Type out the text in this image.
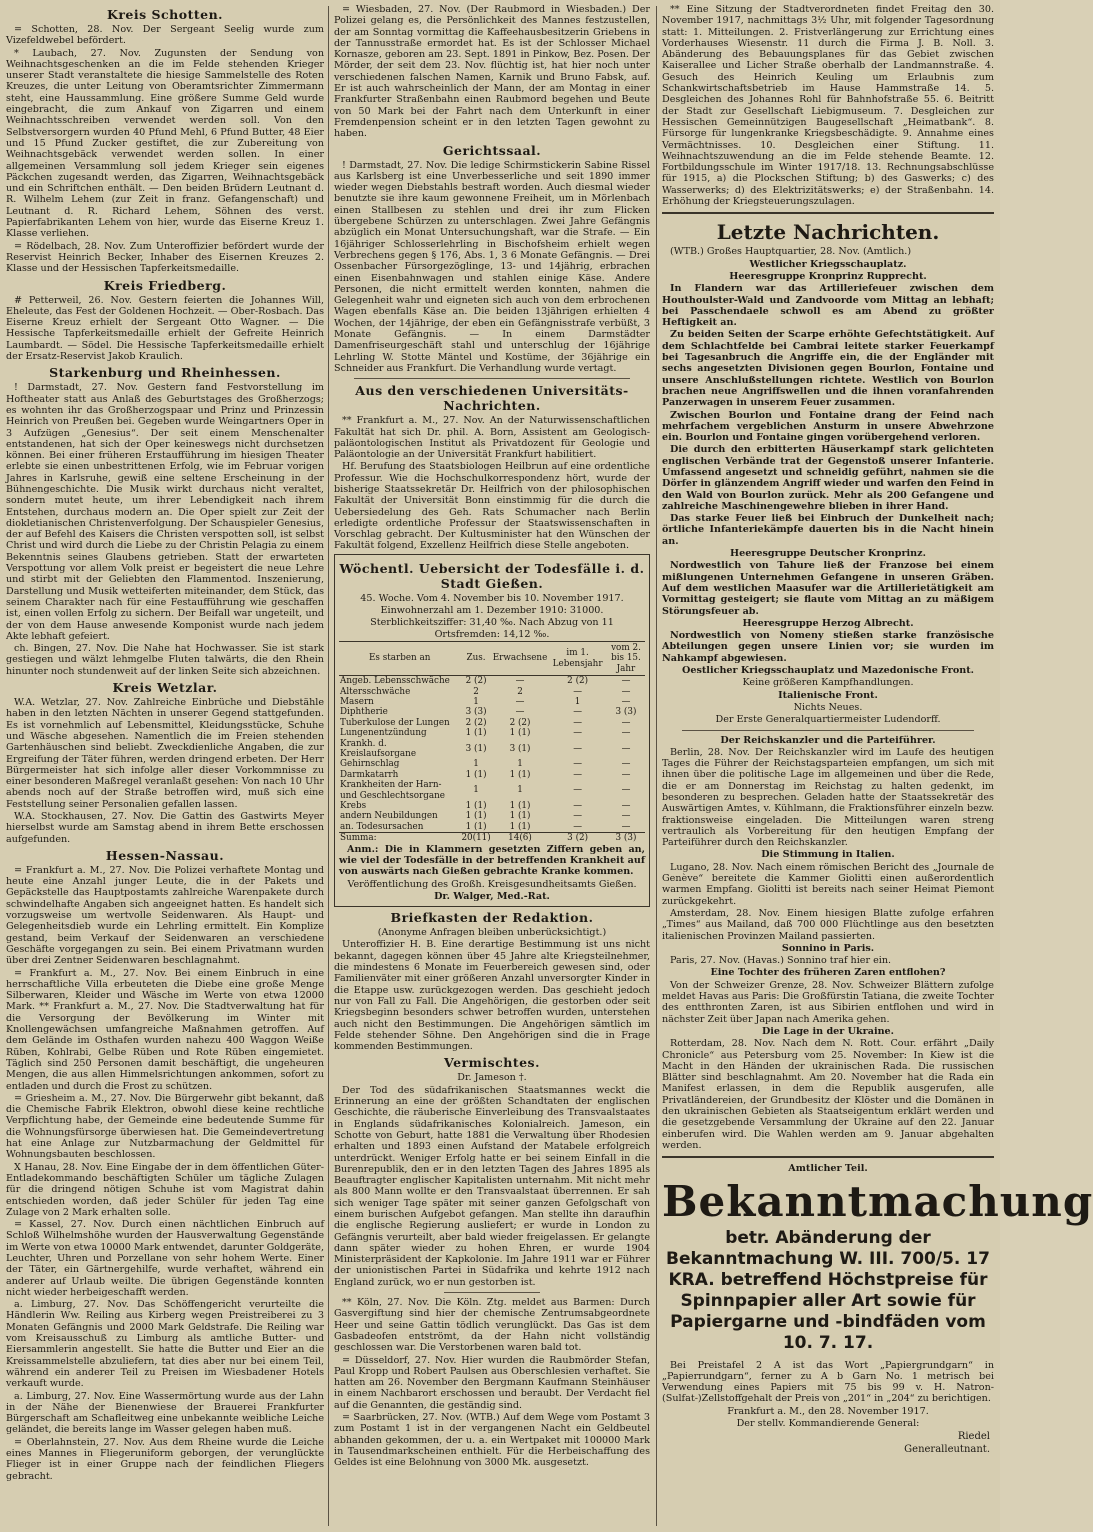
Kreis Schotten.

= Schotten, 28. Nov. Der Sergeant Seelig wurde zum Vizefeldwebel befördert.

* Laubach, 27. Nov. Zugunsten der Sendung von Weihnachtsgeschenken an die im Felde stehenden Krieger unserer Stadt veranstaltete die hiesige Sammelstelle des Roten Kreuzes, die unter Leitung von Oberamtsrichter Zimmermann steht, eine Haussammlung. Eine größere Summe Geld wurde eingebracht, die zum Ankauf von Zigarren und einem Weihnachtsschreiben verwendet werden soll. Von den Selbstversorgern wurden 40 Pfund Mehl, 6 Pfund Butter, 48 Eier und 15 Pfund Zucker gestiftet, die zur Zubereitung von Weihnachtsgebäck verwendet werden sollen. In einer allgemeinen Versammlung soll jedem Krieger sein eigenes Päckchen zugesandt werden, das Zigarren, Weihnachtsgebäck und ein Schriftchen enthält. — Den beiden Brüdern Leutnant d. R. Wilhelm Lehem (zur Zeit in franz. Gefangenschaft) und Leutnant d. R. Richard Lehem, Söhnen des verst. Papierfabrikanten Lehem von hier, wurde das Eiserne Kreuz 1. Klasse verliehen.

= Rödelbach, 28. Nov. Zum Unteroffizier befördert wurde der Reservist Heinrich Becker, Inhaber des Eisernen Kreuzes 2. Klasse und der Hessischen Tapferkeitsmedaille.

Kreis Friedberg.

# Petterweil, 26. Nov. Gestern feierten die Johannes Will, Eheleute, das Fest der Goldenen Hochzeit. — Ober-Rosbach. Das Eiserne Kreuz erhielt der Sergeant Otto Wagner. — Die Hessische Tapferkeitsmedaille erhielt der Gefreite Heinrich Laumbardt. — Södel. Die Hessische Tapferkeitsmedaille erhielt der Ersatz-Reservist Jakob Kraulich.

Starkenburg und Rheinhessen.

! Darmstadt, 27. Nov. Gestern fand Festvorstellung im Hoftheater statt aus Anlaß des Geburtstages des Großherzogs; es wohnten ihr das Großherzogspaar und Prinz und Prinzessin Heinrich von Preußen bei. Gegeben wurde Weingartners Oper in 3 Aufzügen „Genesius“. Der seit einem Menschenalter entstandenen, hat sich der Oper keineswegs nicht durchsetzen können. Bei einer früheren Erstaufführung im hiesigen Theater erlebte sie einen unbestrittenen Erfolg, wie im Februar vorigen Jahres in Karlsruhe, gewiß eine seltene Erscheinung in der Bühnengeschichte. Die Musik wirkt durchaus nicht veraltet, sondern mutet heute, um ihrer Lebendigkeit nach ihrem Entstehen, durchaus modern an. Die Oper spielt zur Zeit der diokletianischen Christenverfolgung. Der Schauspieler Genesius, der auf Befehl des Kaisers die Christen verspotten soll, ist selbst Christ und wird durch die Liebe zu der Christin Pelagia zu einem Bekenntnis seines Glaubens getrieben. Statt der erwarteten Verspottung vor allem Volk preist er begeistert die neue Lehre und stirbt mit der Geliebten den Flammentod. Inszenierung, Darstellung und Musik wetteiferten miteinander, dem Stück, das seinem Charakter nach für eine Festaufführung wie geschaffen ist, einen vollen Erfolg zu sichern. Der Beifall war ungeteilt, und der von dem Hause anwesende Komponist wurde nach jedem Akte lebhaft gefeiert.

ch. Bingen, 27. Nov. Die Nahe hat Hochwasser. Sie ist stark gestiegen und wälzt lehmgelbe Fluten talwärts, die den Rhein hinunter noch stundenweit auf der linken Seite sich abzeichnen.

Kreis Wetzlar.

W.A. Wetzlar, 27. Nov. Zahlreiche Einbrüche und Diebstähle haben in den letzten Nächten in unserer Gegend stattgefunden. Es ist vornehmlich auf Lebensmittel, Kleidungsstücke, Schuhe und Wäsche abgesehen. Namentlich die im Freien stehenden Gartenhäuschen sind beliebt. Zweckdienliche Angaben, die zur Ergreifung der Täter führen, werden dringend erbeten. Der Herr Bürgermeister hat sich infolge aller dieser Vorkommnisse zu einer besonderen Maßregel veranlaßt gesehen: Von nach 10 Uhr abends noch auf der Straße betroffen wird, muß sich eine Feststellung seiner Personalien gefallen lassen.

W.A. Stockhausen, 27. Nov. Die Gattin des Gastwirts Meyer hierselbst wurde am Samstag abend in ihrem Bette erschossen aufgefunden.

Hessen-Nassau.

= Frankfurt a. M., 27. Nov. Die Polizei verhaftete Montag und heute eine Anzahl junger Leute, die in der Pakets und Gepäckstelle das Hauptpostamts zahlreiche Warenpakete durch schwindelhafte Angaben sich angeeignet hatten. Es handelt sich vorzugsweise um wertvolle Seidenwaren. Als Haupt- und Gelegenheitsdieb wurde ein Lehrling ermittelt. Ein Komplize gestand, beim Verkauf der Seidenwaren an verschiedene Geschäfte vorgegangen zu sein. Bei einem Privatmann wurden über drei Zentner Seidenwaren beschlagnahmt.

= Frankfurt a. M., 27. Nov. Bei einem Einbruch in eine herrschaftliche Villa erbeuteten die Diebe eine große Menge Silberwaren, Kleider und Wäsche im Werte von etwa 12000 Mark. ** Frankfurt a. M., 27. Nov. Die Stadtverwaltung hat für die Versorgung der Bevölkerung im Winter mit Knollengewächsen umfangreiche Maßnahmen getroffen. Auf dem Gelände im Osthafen wurden nahezu 400 Waggon Weiße Rüben, Kohlrabi, Gelbe Rüben und Rote Rüben eingemietet. Täglich sind 250 Personen damit beschäftigt, die ungeheuren Mengen, die aus allen Himmelsrichtungen ankommen, sofort zu entladen und durch die Frost zu schützen.

= Griesheim a. M., 27. Nov. Die Bürgerwehr gibt bekannt, daß die Chemische Fabrik Elektron, obwohl diese keine rechtliche Verpflichtung habe, der Gemeinde eine bedeutende Summe für die Wohnungsfürsorge überwiesen hat. Die Gemeindevertretung hat eine Anlage zur Nutzbarmachung der Geldmittel für Wohnungsbauten beschlossen.

X Hanau, 28. Nov. Eine Eingabe der in dem öffentlichen Güter-Entladekommando beschäftigten Schüler um tägliche Zulagen für die dringend nötigen Schuhe ist vom Magistrat dahin entschieden worden, daß jeder Schüler für jeden Tag eine Zulage von 2 Mark erhalten solle.

= Kassel, 27. Nov. Durch einen nächtlichen Einbruch auf Schloß Wilhelmshöhe wurden der Hausverwaltung Gegenstände im Werte von etwa 10000 Mark entwendet, darunter Goldgeräte, Leuchter, Uhren und Porzellane von sehr hohem Werte. Einer der Täter, ein Gärtnergehilfe, wurde verhaftet, während ein anderer auf Urlaub weilte. Die übrigen Gegenstände konnten nicht wieder herbeigeschafft werden.

a. Limburg, 27. Nov. Das Schöffengericht verurteilte die Händlerin Ww. Reiling aus Kirberg wegen Preistreiberei zu 3 Monaten Gefängnis und 2000 Mark Geldstrafe. Die Reiling war vom Kreisausschuß zu Limburg als amtliche Butter- und Eiersammlerin angestellt. Sie hatte die Butter und Eier an die Kreissammelstelle abzuliefern, tat dies aber nur bei einem Teil, während ein anderer Teil zu Preisen im Wiesbadener Hotels verkauft wurde.

a. Limburg, 27. Nov. Eine Wassermörtung wurde aus der Lahn in der Nähe der Bienenwiese der Brauerei Frankfurter Bürgerschaft am Schafleitweg eine unbekannte weibliche Leiche geländet, die bereits lange im Wasser gelegen haben muß.

= Oberlahnstein, 27. Nov. Aus dem Rheine wurde die Leiche eines Mannes in Fliegeruniform geborgen, der verunglückte Flieger ist in einer Gruppe nach der feindlichen Fliegers gebracht.

= Wiesbaden, 27. Nov. (Der Raubmord in Wiesbaden.) Der Polizei gelang es, die Persönlichkeit des Mannes festzustellen, der am Sonntag vormittag die Kaffeehausbesitzerin Griebens in der Tannusstraße ermordet hat. Es ist der Schlosser Michael Kornasze, geboren am 23. Sept. 1891 in Pinkow, Bez. Posen. Der Mörder, der seit dem 23. Nov. flüchtig ist, hat hier noch unter verschiedenen falschen Namen, Karnik und Bruno Fabsk, auf. Er ist auch wahrscheinlich der Mann, der am Montag in einer Frankfurter Straßenbahn einen Raubmord begehen und Beute von 50 Mark bei der Fahrt nach dem Unterkunft in einer Fremdenpension scheint er in den letzten Tagen gewohnt zu haben.

Gerichtssaal.

! Darmstadt, 27. Nov. Die ledige Schirmstickerin Sabine Rissel aus Karlsberg ist eine Unverbesserliche und seit 1890 immer wieder wegen Diebstahls bestraft worden. Auch diesmal wieder benutzte sie ihre kaum gewonnene Freiheit, um in Mörlenbach einen Stallbesen zu stehlen und drei ihr zum Flicken übergebene Schürzen zu unterschlagen. Zwei Jahre Gefängnis abzüglich ein Monat Untersuchungshaft, war die Strafe. — Ein 16jähriger Schlosserlehrling in Bischofsheim erhielt wegen Verbrechens gegen § 176, Abs. 1, 3 6 Monate Gefängnis. — Drei Ossenbacher Fürsorgezöglinge, 13- und 14jährig, erbrachen einen Eisenbahnwagen und stahlen einige Käse. Andere Personen, die nicht ermittelt werden konnten, nahmen die Gelegenheit wahr und eigneten sich auch von dem erbrochenen Wagen ebenfalls Käse an. Die beiden 13jährigen erhielten 4 Wochen, der 14jährige, der eben ein Gefängnisstrafe verbüßt, 3 Monate Gefängnis. — In einem Darmstädter Damenfriseurgeschäft stahl und unterschlug der 16jährige Lehrling W. Stotte Mäntel und Kostüme, der 36jährige ein Schneider aus Frankfurt. Die Verhandlung wurde vertagt.

Aus den verschiedenen Universitäts-Nachrichten.

** Frankfurt a. M., 27. Nov. An der Naturwissenschaftlichen Fakultät hat sich Dr. phil. A. Born, Assistent am Geologisch-paläontologischen Institut als Privatdozent für Geologie und Paläontologie an der Universität Frankfurt habilitiert.

Hf. Berufung des Staatsbiologen Heilbrun auf eine ordentliche Professur. Wie die Hochschulkorrespondenz hört, wurde der bisherige Staatssekretär Dr. Heilfrich von der philosophischen Fakultät der Universität Bonn einstimmig für die durch die Uebersiedelung des Geh. Rats Schumacher nach Berlin erledigte ordentliche Professur der Staatswissenschaften in Vorschlag gebracht. Der Kultusminister hat den Wünschen der Fakultät folgend, Exzellenz Heilfrich diese Stelle angeboten.

Wöchentl. Uebersicht der Todesfälle i. d. Stadt Gießen.

45. Woche. Vom 4. November bis 10. November 1917.

Einwohnerzahl am 1. Dezember 1910: 31000.

Sterblichkeitsziffer: 31,40 ‰. Nach Abzug von 11 Ortsfremden: 14,12 ‰.

Es starben an	Zus.	Erwachsene	im 1. Lebensjahr	vom 2. bis 15. Jahr
Angeb. Lebensschwäche	2 (2)	—	2 (2)	—
Altersschwäche	2	2	—	—
Masern	1	—	1	—
Diphtherie	3 (3)	—	—	3 (3)
Tuberkulose der Lungen	2 (2)	2 (2)	—	—
Lungenentzündung	1 (1)	1 (1)	—	—
Krankh. d. Kreislaufsorgane	3 (1)	3 (1)	—	—
Gehirnschlag	1	1	—	—
Darmkatarrh	1 (1)	1 (1)	—	—
Krankheiten der Harn- und Geschlechtsorgane	1	1	—	—
Krebs	1 (1)	1 (1)	—	—
andern Neubildungen	1 (1)	1 (1)	—	—
an. Todesursachen	1 (1)	1 (1)	—	—
Summa:	20(11)	14(6)	3 (2)	3 (3)

Anm.: Die in Klammern gesetzten Ziffern geben an, wie viel der Todesfälle in der betreffenden Krankheit auf von auswärts nach Gießen gebrachte Kranke kommen.

Veröffentlichung des Großh. Kreisgesundheitsamts Gießen.

Dr. Walger, Med.-Rat.

Briefkasten der Redaktion.

(Anonyme Anfragen bleiben unberücksichtigt.)

Unteroffizier H. B. Eine derartige Bestimmung ist uns nicht bekannt, dagegen können über 45 Jahre alte Kriegsteilnehmer, die mindestens 6 Monate im Feuerbereich gewesen sind, oder Familienväter mit einer größeren Anzahl unversorgter Kinder in die Etappe usw. zurückgezogen werden. Das geschieht jedoch nur von Fall zu Fall. Die Angehörigen, die gestorben oder seit Kriegsbeginn besonders schwer betroffen wurden, unterstehen auch nicht den Bestimmungen. Die Angehörigen sämtlich im Felde stehender Söhne. Den Angehörigen sind die in Frage kommenden Bestimmungen.

Vermischtes.

Dr. Jameson †.

Der Tod des südafrikanischen Staatsmannes weckt die Erinnerung an eine der größten Schandtaten der englischen Geschichte, die räuberische Einverleibung des Transvaalstaates in Englands südafrikanisches Kolonialreich. Jameson, ein Schotte von Geburt, hatte 1881 die Verwaltung über Rhodesien erhalten und 1893 einen Aufstand der Matabele erfolgreich unterdrückt. Weniger Erfolg hatte er bei seinem Einfall in die Burenrepublik, den er in den letzten Tagen des Jahres 1895 als Beauftragter englischer Kapitalisten unternahm. Mit nicht mehr als 800 Mann wollte er den Transvaalstaat überrennen. Er sah sich weniger Tage später mit seiner ganzen Gefolgschaft von einem burischen Aufgebot gefangen. Man stellte ihn daraufhin die englische Regierung ausliefert; er wurde in London zu Gefängnis verurteilt, aber bald wieder freigelassen. Er gelangte dann später wieder zu hohen Ehren, er wurde 1904 Ministerpräsident der Kapkolonie. Im Jahre 1911 war er Führer der unionistischen Partei in Südafrika und kehrte 1912 nach England zurück, wo er nun gestorben ist.

** Köln, 27. Nov. Die Köln. Ztg. meldet aus Barmen: Durch Gasvergiftung sind hier der chemische Zentrumsabgeordnete Heer und seine Gattin tödlich verunglückt. Das Gas ist dem Gasbadeofen entströmt, da der Hahn nicht vollständig geschlossen war. Die Verstorbenen waren bald tot.

= Düsseldorf, 27. Nov. Hier wurden die Raubmörder Stefan, Paul Kropp und Robert Paulsen aus Oberschlesien verhaftet. Sie hatten am 26. November den Bergmann Kaufmann Steinhäuser in einem Nachbarort erschossen und beraubt. Der Verdacht fiel auf die Genannten, die geständig sind.

= Saarbrücken, 27. Nov. (WTB.) Auf dem Wege vom Postamt 3 zum Postamt 1 ist in der vergangenen Nacht ein Geldbeutel abhanden gekommen, der u. a. ein Wertpaket mit 100000 Mark in Tausendmarkscheinen enthielt. Für die Herbeischaffung des Geldes ist eine Belohnung von 3000 Mk. ausgesetzt.

** Eine Sitzung der Stadtverordneten findet Freitag den 30. November 1917, nachmittags 3½ Uhr, mit folgender Tagesordnung statt: 1. Mitteilungen. 2. Fristverlängerung zur Errichtung eines Vorderhauses Wiesenstr. 11 durch die Firma J. B. Noll. 3. Abänderung des Bebauungsplanes für das Gebiet zwischen Kaiserallee und Licher Straße oberhalb der Landmannstraße. 4. Gesuch des Heinrich Keuling um Erlaubnis zum Schankwirtschaftsbetrieb im Hause Hammstraße 14. 5. Desgleichen des Johannes Rohl für Bahnhofstraße 55. 6. Beitritt der Stadt zur Gesellschaft Liebigmuseum. 7. Desgleichen zur Hessischen Gemeinnützigen Baugesellschaft „Heimatbank“. 8. Fürsorge für lungenkranke Kriegsbeschädigte. 9. Annahme eines Vermächtnisses. 10. Desgleichen einer Stiftung. 11. Weihnachtszuwendung an die im Felde stehende Beamte. 12. Fortbildungsschule im Winter 1917/18. 13. Rechnungsabschlüsse für 1915, a) die Plockschen Stiftung; b) des Gaswerks; c) des Wasserwerks; d) des Elektrizitätswerks; e) der Straßenbahn. 14. Erhöhung der Kriegsteuerungszulagen.

Letzte Nachrichten.

(WTB.) Großes Hauptquartier, 28. Nov. (Amtlich.)

Westlicher Kriegsschauplatz.

Heeresgruppe Kronprinz Rupprecht.

In Flandern war das Artilleriefeuer zwischen dem Houthoulster-Wald und Zandvoorde vom Mittag an lebhaft; bei Passchendaele schwoll es am Abend zu größter Heftigkeit an.

Zu beiden Seiten der Scarpe erhöhte Gefechtstätigkeit. Auf dem Schlachtfelde bei Cambrai leitete starker Feuerkampf bei Tagesanbruch die Angriffe ein, die der Engländer mit sechs angesetzten Divisionen gegen Bourlon, Fontaine und unsere Anschlußstellungen richtete. Westlich von Bourlon brachen neue Angriffswellen und die ihnen voranfahrenden Panzerwagen in unserem Feuer zusammen.

Zwischen Bourlon und Fontaine drang der Feind nach mehrfachem vergeblichen Ansturm in unsere Abwehrzone ein. Bourlon und Fontaine gingen vorübergehend verloren.

Die durch den erbitterten Häuserkampf stark gelichteten englischen Verbände trat der Gegenstoß unserer Infanterie. Umfassend angesetzt und schneidig geführt, nahmen sie die Dörfer in glänzendem Angriff wieder und warfen den Feind in den Wald von Bourlon zurück. Mehr als 200 Gefangene und zahlreiche Maschinengewehre blieben in ihrer Hand.

Das starke Feuer ließ bei Einbruch der Dunkelheit nach; örtliche Infanteriekämpfe dauerten bis in die Nacht hinein an.

Heeresgruppe Deutscher Kronprinz.

Nordwestlich von Tahure ließ der Franzose bei einem mißlungenen Unternehmen Gefangene in unseren Gräben. Auf dem westlichen Maasufer war die Artillerietätigkeit am Vormittag gesteigert; sie flaute vom Mittag an zu mäßigem Störungsfeuer ab.

Heeresgruppe Herzog Albrecht.

Nordwestlich von Nomeny stießen starke französische Abteilungen gegen unsere Linien vor; sie wurden im Nahkampf abgewiesen.

Oestlicher Kriegsschauplatz und Mazedonische Front.

Keine größeren Kampfhandlungen.

Italienische Front.

Nichts Neues.

Der Erste Generalquartiermeister Ludendorff.

Der Reichskanzler und die Parteiführer.

Berlin, 28. Nov. Der Reichskanzler wird im Laufe des heutigen Tages die Führer der Reichstagsparteien empfangen, um sich mit ihnen über die politische Lage im allgemeinen und über die Rede, die er am Donnerstag im Reichstag zu halten gedenkt, im besonderen zu besprechen. Geladen hatte der Staatssekretär des Auswärtigen Amtes, v. Kühlmann, die Fraktionsführer einzeln bezw. fraktionsweise eingeladen. Die Mitteilungen waren streng vertraulich als Vorbereitung für den heutigen Empfang der Parteiführer durch den Reichskanzler.

Die Stimmung in Italien.

Lugano, 28. Nov. Nach einem römischen Bericht des „Journale de Genève“ bereitete die Kammer Giolitti einen außerordentlich warmen Empfang. Giolitti ist bereits nach seiner Heimat Piemont zurückgekehrt.

Amsterdam, 28. Nov. Einem hiesigen Blatte zufolge erfahren „Times“ aus Mailand, daß 700 000 Flüchtlinge aus den besetzten italienischen Provinzen Mailand passierten.

Sonnino in Paris.

Paris, 27. Nov. (Havas.) Sonnino traf hier ein.

Eine Tochter des früheren Zaren entflohen?

Von der Schweizer Grenze, 28. Nov. Schweizer Blättern zufolge meldet Havas aus Paris: Die Großfürstin Tatiana, die zweite Tochter des entthronten Zaren, ist aus Sibirien entflohen und wird in nächster Zeit über Japan nach Amerika gehen.

Die Lage in der Ukraine.

Rotterdam, 28. Nov. Nach dem N. Rott. Cour. erfährt „Daily Chronicle“ aus Petersburg vom 25. November: In Kiew ist die Macht in den Händen der ukrainischen Rada. Die russischen Blätter sind beschlagnahmt. Am 20. November hat die Rada ein Manifest erlassen, in dem die Republik ausgerufen, alle Privatländereien, der Grundbesitz der Klöster und die Domänen in den ukrainischen Gebieten als Staatseigentum erklärt werden und die gesetzgebende Versammlung der Ukraine auf den 22. Januar einberufen wird. Die Wahlen werden am 9. Januar abgehalten werden.

Amtlicher Teil.

Bekanntmachung
betr. Abänderung der Bekanntmachung W. III. 700/5. 17 KRA. betreffend Höchstpreise für Spinnpapier aller Art sowie für Papiergarne und -bindfäden vom 10. 7. 17.

Bei Preistafel 2 A ist das Wort „Papiergrundgarn“ in „Papierrundgarn“, ferner zu A b Garn No. 1 metrisch bei Verwendung eines Papiers mit 75 bis 99 v. H. Natron-(Sulfat-)Zellstoffgehalt der Preis von „201“ in „204“ zu berichtigen.

Frankfurt a. M., den 28. November 1917.

Der stellv. Kommandierende General:

Riedel

Generalleutnant.
